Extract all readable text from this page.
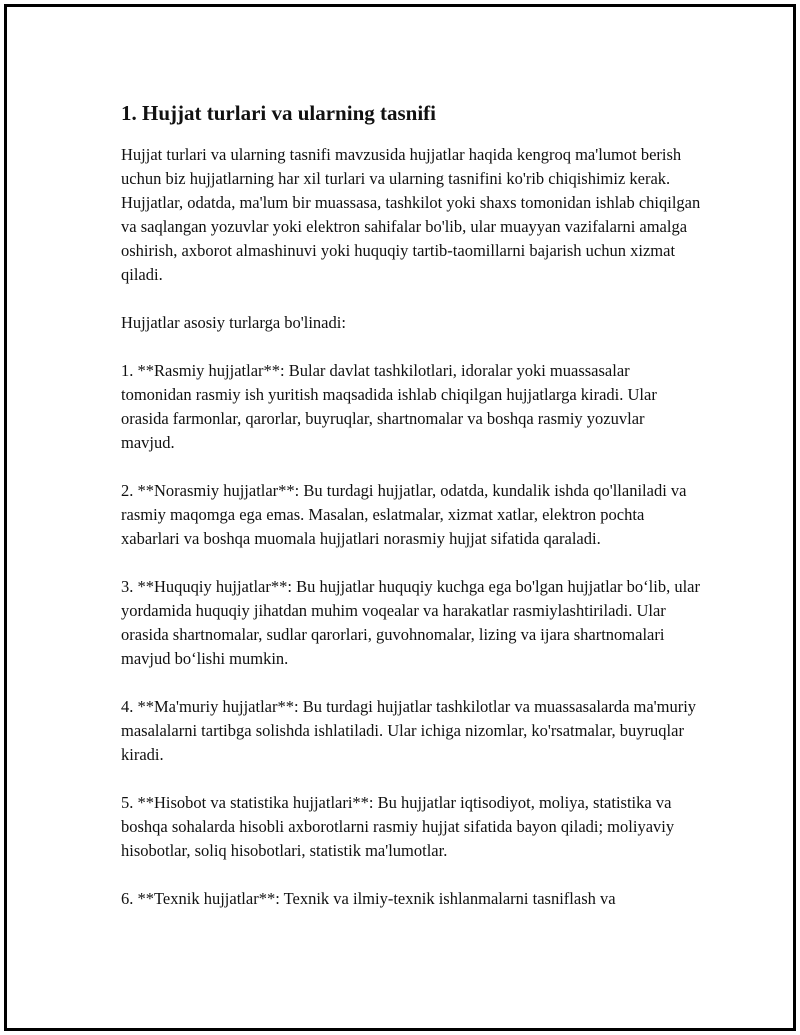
1. Hujjat turlari va ularning tasnifi

Hujjat turlari va ularning tasnifi mavzusida hujjatlar haqida kengroq ma'lumot berish uchun biz hujjatlarning har xil turlari va ularning tasnifini ko'rib chiqishimiz kerak. Hujjatlar, odatda, ma'lum bir muassasa, tashkilot yoki shaxs tomonidan ishlab chiqilgan va saqlangan yozuvlar yoki elektron sahifalar bo'lib, ular muayyan vazifalarni amalga oshirish, axborot almashinuvi yoki huquqiy tartib-taomillarni bajarish uchun xizmat qiladi.

Hujjatlar asosiy turlarga bo'linadi:

1. **Rasmiy hujjatlar**: Bular davlat tashkilotlari, idoralar yoki muassasalar tomonidan rasmiy ish yuritish maqsadida ishlab chiqilgan hujjatlarga kiradi. Ular orasida farmonlar, qarorlar, buyruqlar, shartnomalar va boshqa rasmiy yozuvlar mavjud.

2. **Norasmiy hujjatlar**: Bu turdagi hujjatlar, odatda, kundalik ishda qo'llaniladi va rasmiy maqomga ega emas. Masalan, eslatmalar, xizmat xatlar, elektron pochta xabarlari va boshqa muomala hujjatlari norasmiy hujjat sifatida qaraladi.

3. **Huquqiy hujjatlar**: Bu hujjatlar huquqiy kuchga ega bo'lgan hujjatlar bo‘lib, ular yordamida huquqiy jihatdan muhim voqealar va harakatlar rasmiylashtiriladi. Ular orasida shartnomalar, sudlar qarorlari, guvohnomalar, lizing va ijara shartnomalari mavjud bo‘lishi mumkin.

4. **Ma'muriy hujjatlar**: Bu turdagi hujjatlar tashkilotlar va muassasalarda ma'muriy masalalarni tartibga solishda ishlatiladi. Ular ichiga nizomlar, ko'rsatmalar, buyruqlar kiradi.

5. **Hisobot va statistika hujjatlari**: Bu hujjatlar iqtisodiyot, moliya, statistika va boshqa sohalarda hisobli axborotlarni rasmiy hujjat sifatida bayon qiladi; moliyaviy hisobotlar, soliq hisobotlari, statistik ma'lumotlar.

6. **Texnik hujjatlar**: Texnik va ilmiy-texnik ishlanmalarni tasniflash va
